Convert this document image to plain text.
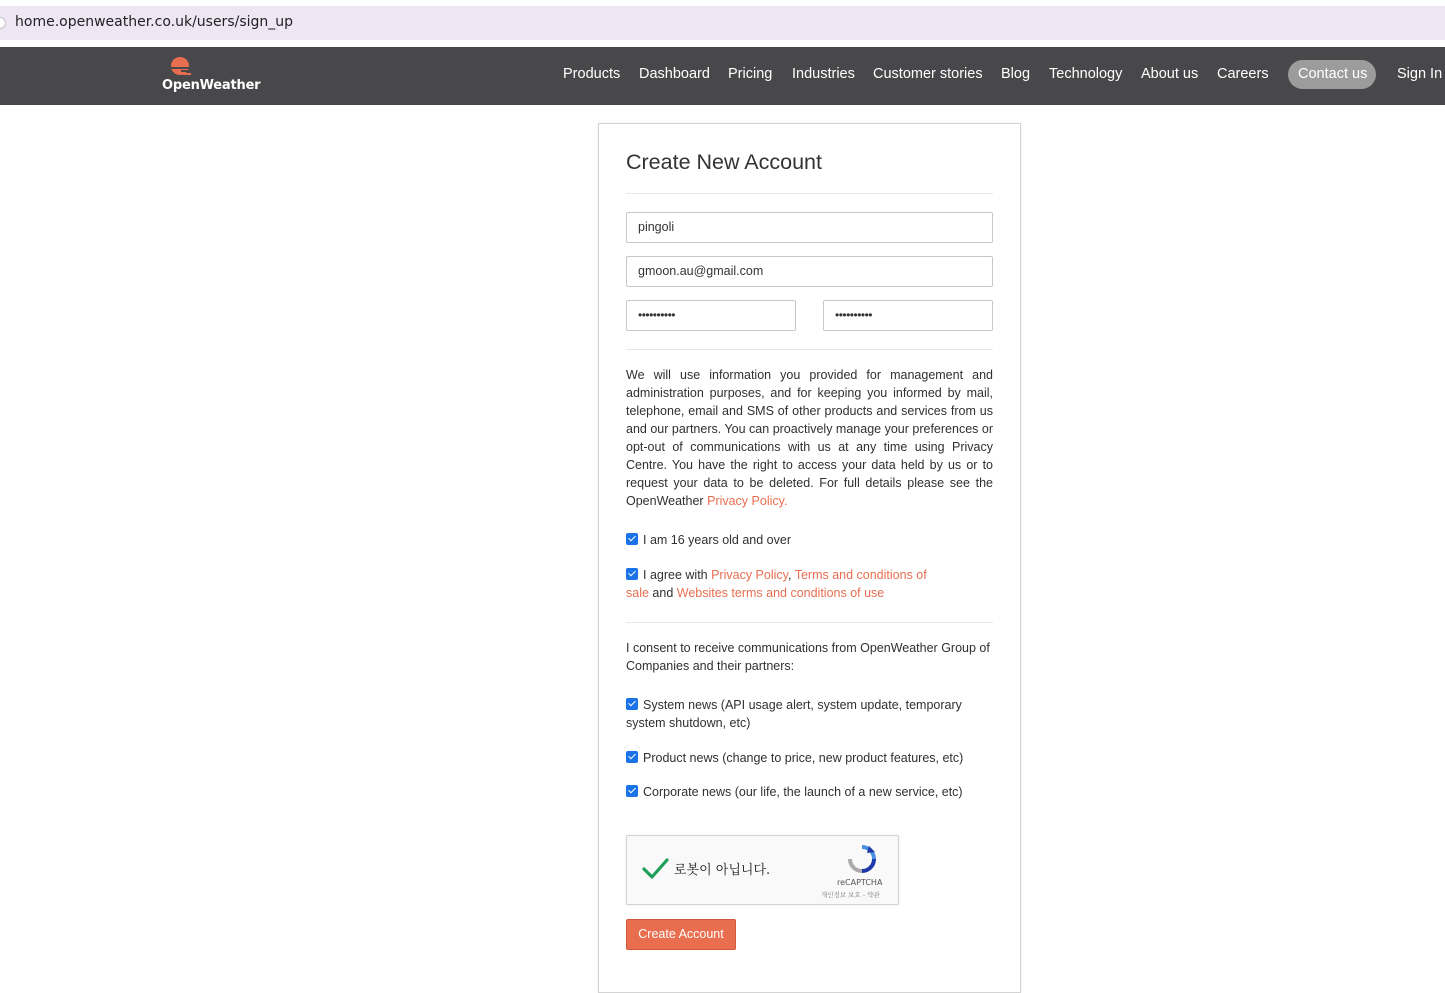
home.openweather.co.uk/users/sign_up
OpenWeather
Products Dashboard Pricing Industries Customer stories Blog Technology About us Careers Contact us Sign In
Create New Account
pingoli
gmoon.au@gmail.com
••••••••••	••••••••••

We will use information you provided for management and administration purposes, and for keeping you informed by mail, telephone, email and SMS of other products and services from us and our partners. You can proactively manage your preferences or opt-out of communications with us at any time using Privacy Centre. You have the right to access your data held by us or to request your data to be deleted. For full details please see the OpenWeather Privacy Policy.

I am 16 years old and over
I agree with Privacy Policy, Terms and conditions of
sale and Websites terms and conditions of use

I consent to receive communications from OpenWeather Group of Companies and their partners:

System news (API usage alert, system update, temporary system shutdown, etc)
Product news (change to price, new product features, etc)
Corporate news (our life, the launch of a new service, etc)
로봇이 아닙니다.
reCAPTCHA
개인정보 보호 - 약관
Create Account
